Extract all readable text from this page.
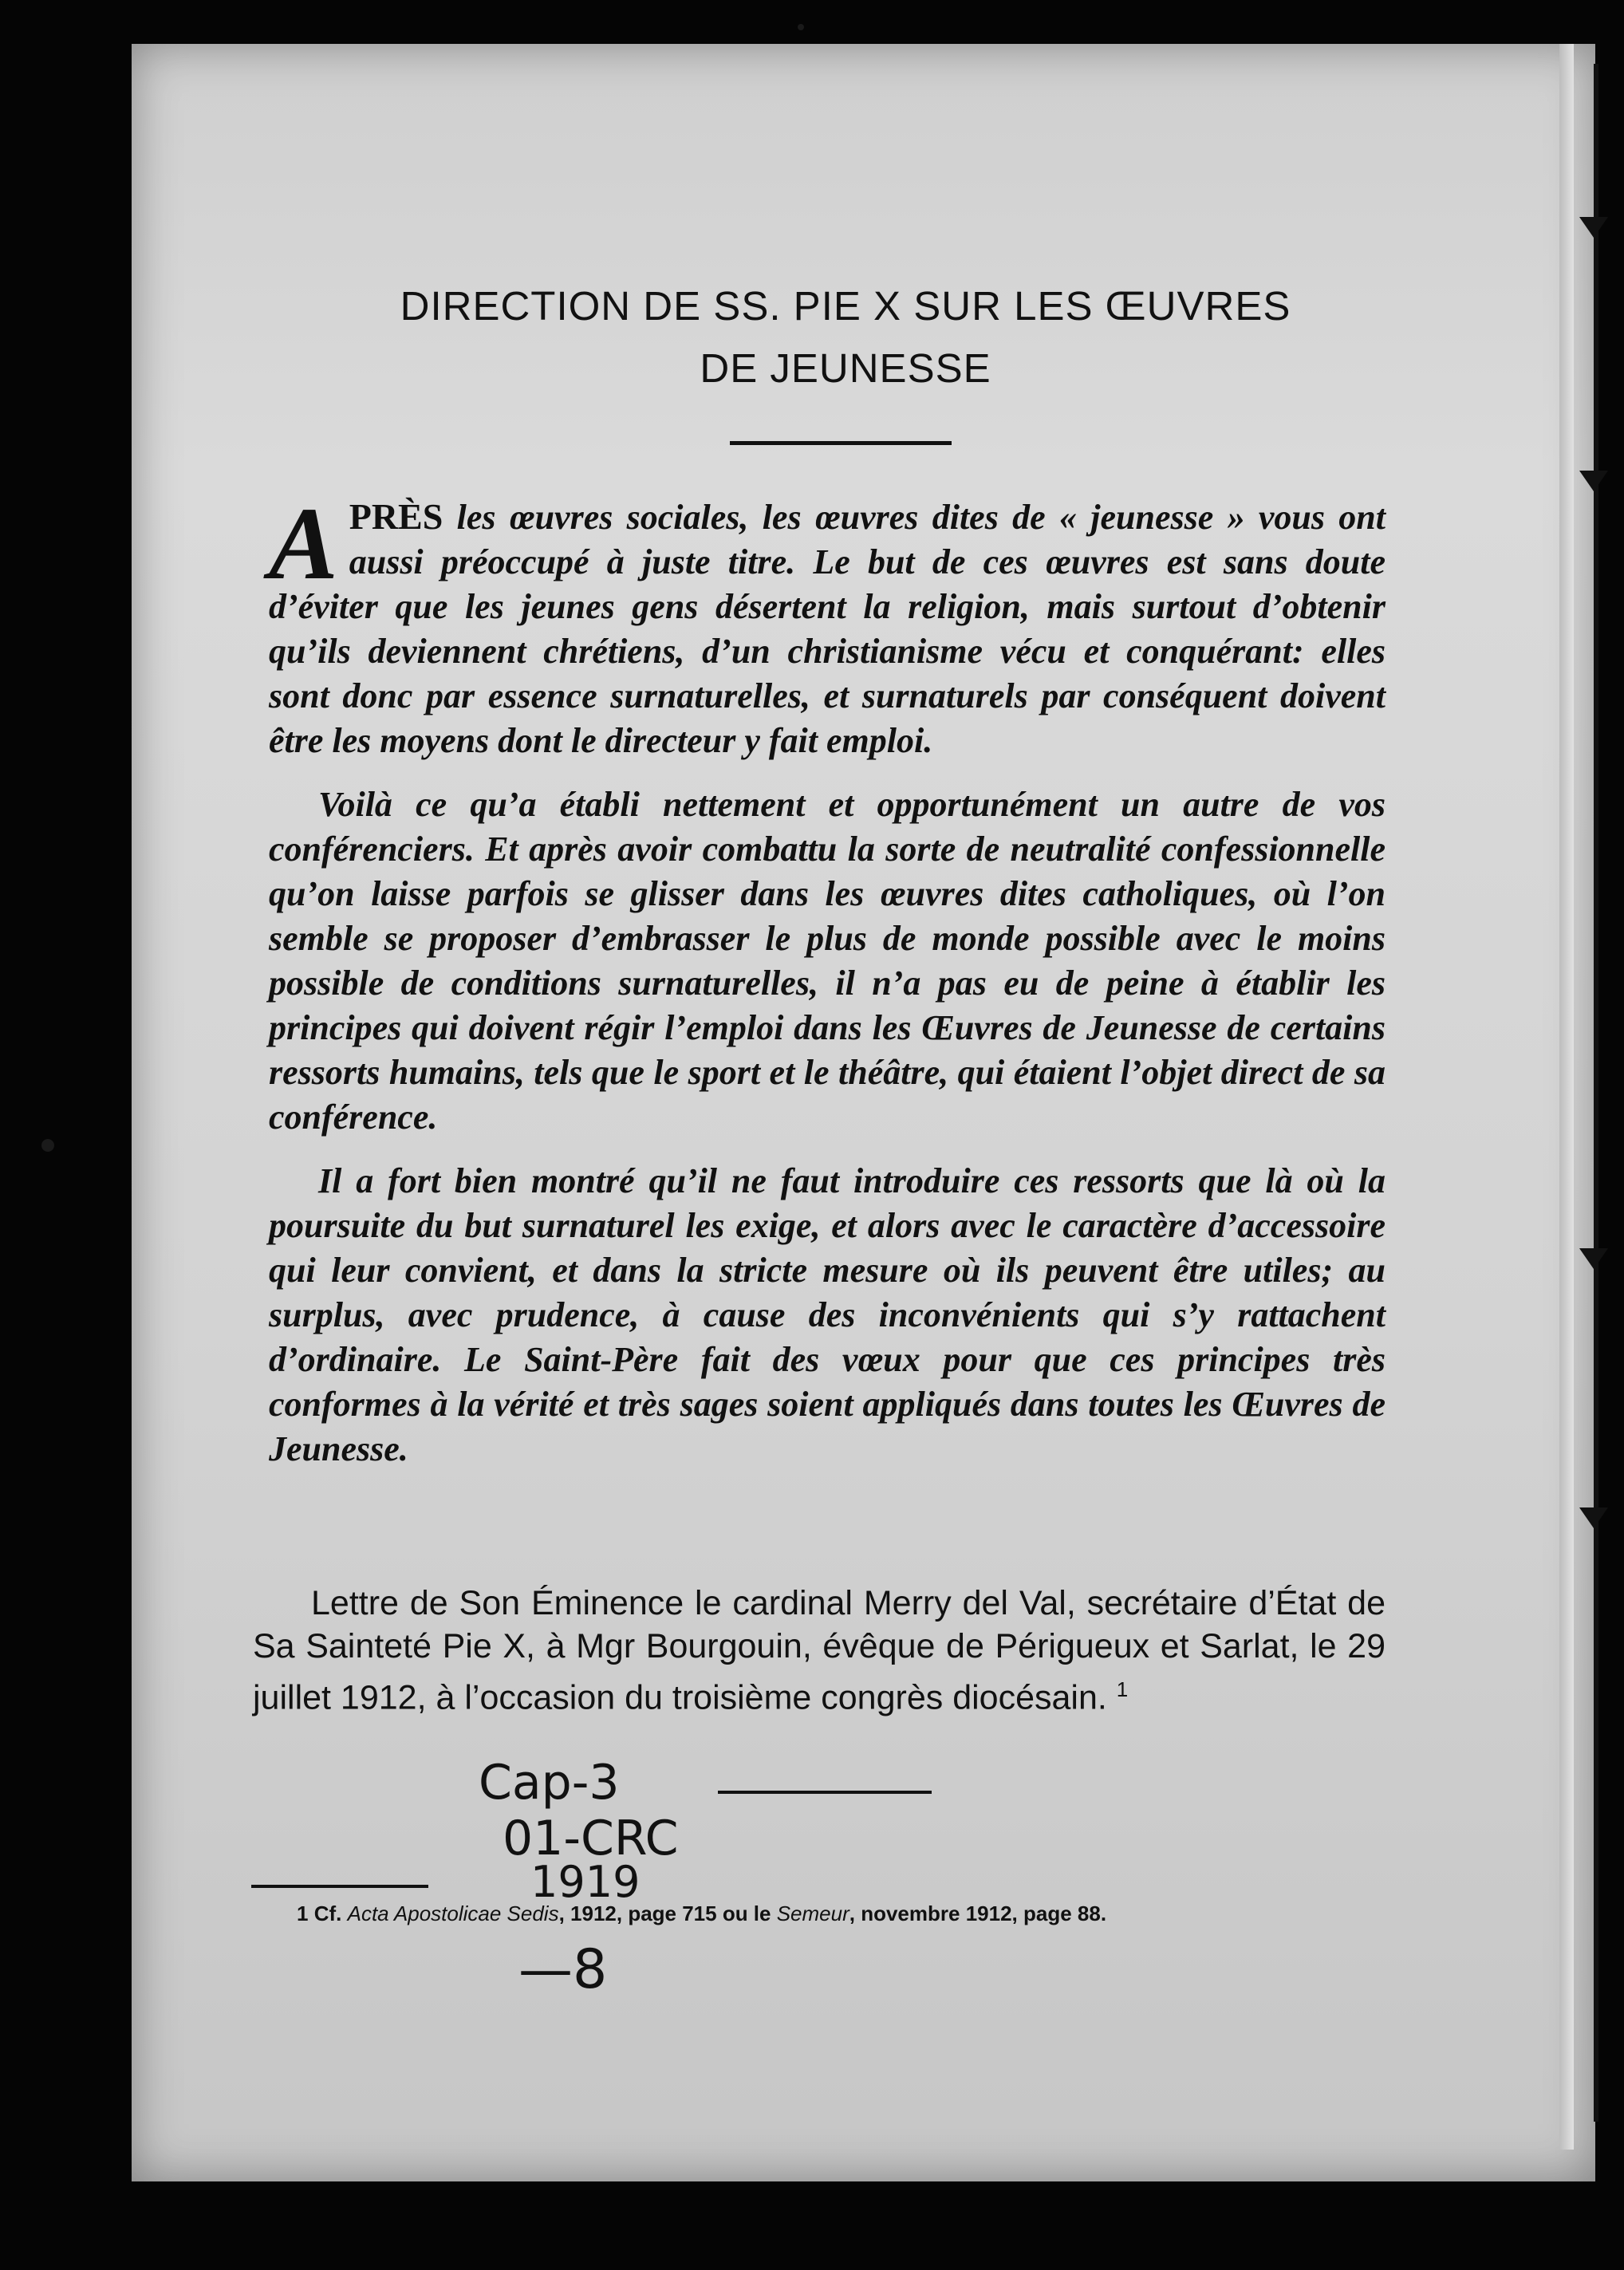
DIRECTION DE SS. PIE X SUR LES ŒUVRES
DE JEUNESSE

APRÈS les œuvres sociales, les œuvres dites de « jeunesse » vous ont aussi préoccupé à juste titre. Le but de ces œuvres est sans doute d’éviter que les jeunes gens désertent la religion, mais surtout d’obtenir qu’ils deviennent chrétiens, d’un christianisme vécu et conquérant: elles sont donc par essence surnaturelles, et surnaturels par conséquent doivent être les moyens dont le directeur y fait emploi.

Voilà ce qu’a établi nettement et opportunément un autre de vos conférenciers. Et après avoir combattu la sorte de neutralité confessionnelle qu’on laisse parfois se glisser dans les œuvres dites catholiques, où l’on semble se proposer d’embrasser le plus de monde possible avec le moins possible de conditions surnaturelles, il n’a pas eu de peine à établir les principes qui doivent régir l’emploi dans les Œuvres de Jeunesse de certains ressorts humains, tels que le sport et le théâtre, qui étaient l’objet direct de sa conférence.

Il a fort bien montré qu’il ne faut introduire ces ressorts que là où la poursuite du but surnaturel les exige, et alors avec le caractère d’accessoire qui leur convient, et dans la stricte mesure où ils peuvent être utiles; au surplus, avec prudence, à cause des inconvénients qui s’y rattachent d’ordinaire. Le Saint-Père fait des vœux pour que ces principes très conformes à la vérité et très sages soient appliqués dans toutes les Œuvres de Jeunesse.

Lettre de Son Éminence le cardinal Merry del Val, secrétaire d’État de Sa Sainteté Pie X, à Mgr Bourgouin, évêque de Périgueux et Sarlat, le 29 juillet 1912, à l’occasion du troisième congrès diocésain. $^1$
Cap-3
01-CRC
1919
—8
1 Cf. Acta Apostolicae Sedis, 1912, page 715 ou le Semeur, novembre 1912, page 88.
